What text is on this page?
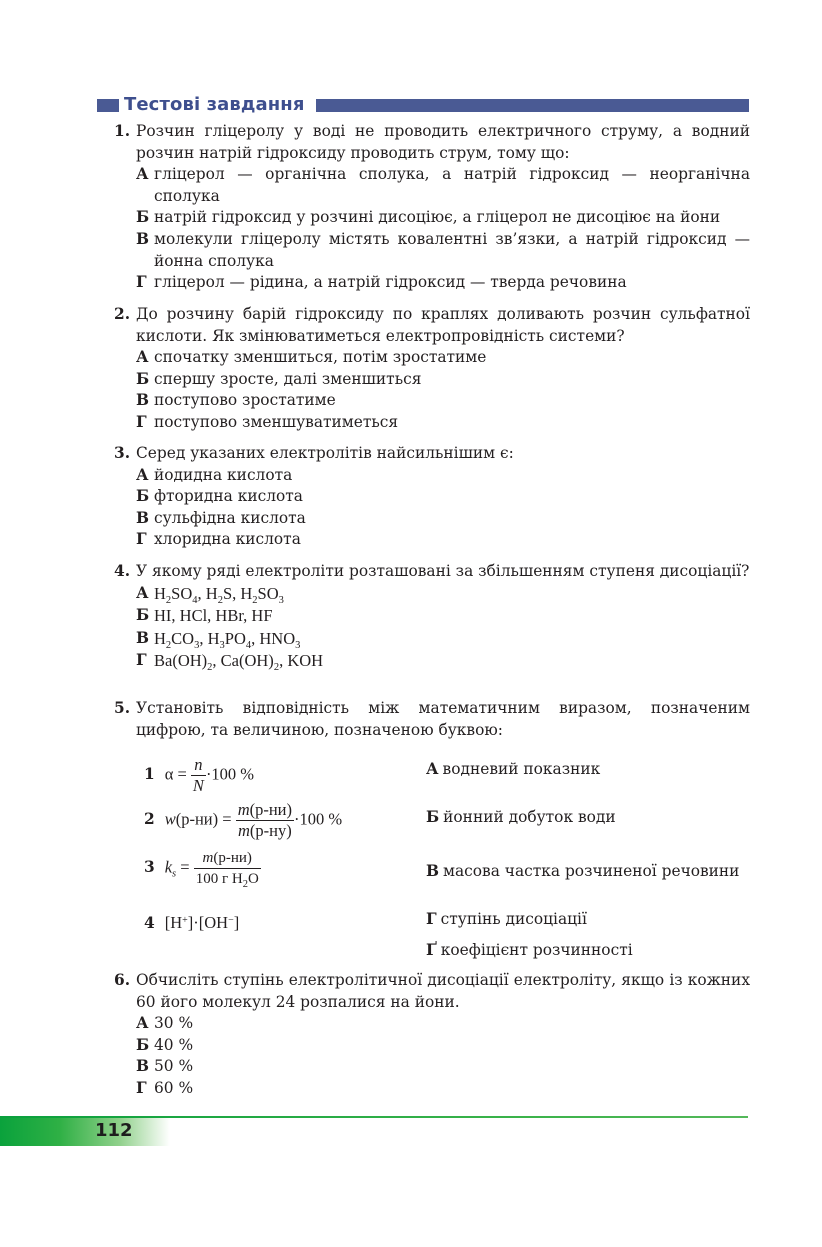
Тестові завдання
1. Розчин гліцеролу у воді не проводить електричного струму, а водний розчин натрій гідроксиду проводить струм, тому що:
А гліцерол — органічна сполука, а натрій гідроксид — неорганічна сполука
Б натрій гідроксид у розчині дисоціює, а гліцерол не дисоціює на йони
В молекули гліцеролу містять ковалентні зв’язки, а натрій гідроксид — йонна сполука
Г гліцерол — рідина, а натрій гідроксид — тверда речовина
2. До розчину барій гідроксиду по краплях доливають розчин сульфатної кислоти. Як змінюватиметься електропровідність системи?
А спочатку зменшиться, потім зростатиме
Б спершу зросте, далі зменшиться
В поступово зростатиме
Г поступово зменшуватиметься
3. Серед указаних електролітів найсильнішим є:
А йодидна кислота
Б фторидна кислота
В сульфідна кислота
Г хлоридна кислота
4. У якому ряді електроліти розташовані за збільшенням ступеня дисоціації?
А $H_2SO_4$, $H_2S$, $H_2SO_3$
Б HI, HCl, HBr, HF
В $H_2CO_3$, $H_3PO_4$, $HNO_3$
Г $Ba(OH)_2$, $Ca(OH)_2$, KOH
5. Установіть відповідність між математичним виразом, позначеним цифрою, та величиною, позначеною буквою:
1 $\alpha = \frac{n}{N} \cdot 100$ %
2 $w(р-ни) = \frac{m(р-ни)}{m(р-ну)} \cdot 100$ %
3 $k_s = \frac{m(р-ни)}{100 г H_2O}$
4 [H+]·[OH−]
А водневий показник
Б йонний добуток води
В масова частка розчиненої речовини
Г ступінь дисоціації
Ґ коефіцієнт розчинності
6. Обчисліть ступінь електролітичної дисоціації електроліту, якщо із кожних 60 його молекул 24 розпалися на йони.
А 30 %
Б 40 %
В 50 %
Г 60 %
112
